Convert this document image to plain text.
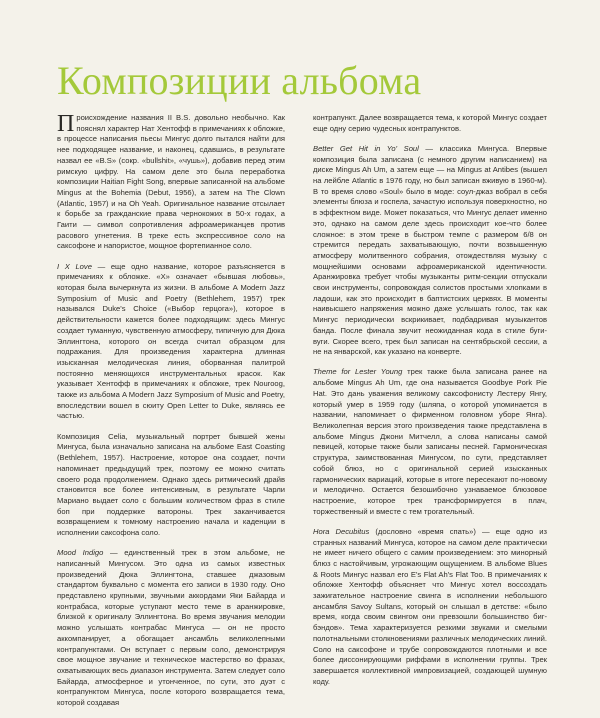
Композиции альбома

Происхождение названия II B.S. довольно необычно. Как пояснял характер Нат Хентофф в примечаниях к обложке, в процессе написания пьесы Мингус долго пытался найти для нее подходящее название, и наконец, сдавшись, в результате назвал ее «B.S» (сокр. «bullshit», «чушь»), добавив перед этим римскую цифру. На самом деле это была переработка композиции Haitian Fight Song, впервые записанной на альбоме Mingus at the Bohemia (Debut, 1956), а затем на The Clown (Atlantic, 1957) и на Oh Yeah. Оригинальное название отсылает к борьбе за гражданские права чернокожих в 50-х годах, а Гаити — символ сопротивления афроамериканцев против расового угнетения. В треке есть экспрессивное соло на саксофоне и напористое, мощное фортепианное соло.

I X Love — еще одно название, которое разъясняется в примечаниях к обложке. «X» означает «бывшая любовь», которая была вычеркнута из жизни. В альбоме A Modern Jazz Symposium of Music and Poetry (Bethlehem, 1957) трек назывался Duke's Choice («Выбор герцога»), которое в действительности кажется более подходящим: здесь Мингус создает туманную, чувственную атмосферу, типичную для Дюка Эллингтона, которого он всегда считал образцом для подражания. Для произведения характерна длинная изысканная мелодическая линия, оборванная палитрой постоянно меняющихся инструментальных красок. Как указывает Хентофф в примечаниях к обложке, трек Nouroog, также из альбома A Modern Jazz Symposium of Music and Poetry, впоследствии вошел в сюиту Open Letter to Duke, являясь ее частью.

Композиция Celia, музыкальный портрет бывшей жены Мингуса, была изначально записана на альбоме East Coasting (Bethlehem, 1957). Настроение, которое она создает, почти напоминает предыдущий трек, поэтому ее можно считать своего рода продолжением. Однако здесь ритмический драйв становится все более интенсивным, в результате Чарли Мариано выдает соло с большим количеством фраз в стиле боп при поддержке ватороны. Трек заканчивается возвращением к томному настроению начала и каденции в исполнении саксофона соло.

Mood Indigo — единственный трек в этом альбоме, не написанный Мингусом. Это одна из самых известных произведений Дюка Эллингтона, ставшее джазовым стандартом буквально с момента его записи в 1930 году. Оно представлено крупными, звучными аккордами Яки Байарда и контрабаса, которые уступают место теме в аранжировке, близкой к оригиналу Эллингтона. Во время звучания мелодии можно услышать контрабас Мингуса — он не просто аккомпанирует, а обогащает ансамбль великолепными контрапунктами. Он вступает с первым соло, демонстрируя свое мощное звучание и техническое мастерство во фразах, охватывающих весь диапазон инструмента. Затем следует соло Байарда, атмосферное и утонченное, по сути, это дуэт с контрапунктом Мингуса, после которого возвращается тема, которой создавая

контрапункт. Далее возвращается тема, к которой Мингус создает еще одну серию чудесных контрапунктов.

Better Get Hit in Yo' Soul — классика Мингуса. Впервые композиция была записана (с немного другим написанием) на диске Mingus Ah Um, а затем еще — на Mingus at Antibes (вышел на лейбле Atlantic в 1976 году, но был записан вживую в 1960-м). В то время слово «Soul» было в моде: соул-джаз вобрал в себя элементы блюза и госпела, зачастую используя поверхностно, но в эффектном виде. Может показаться, что Мингус делает именно это, однако на самом деле здесь происходит кое-что более сложное: в этом треке в быстром темпе с размером 6/8 он стремится передать захватывающую, почти возвышенную атмосферу молитвенного собрания, отождествляя музыку с мощнейшими основами афроамериканской идентичности. Аранжировка требует чтобы музыканты ритм-секции отпускали свои инструменты, сопровождая солистов простыми хлопками в ладоши, как это происходит в баптистских церквях. В моменты наивысшего напряжения можно даже услышать голос, так как Мингус периодически вскрикивает, подбадривая музыкантов банда. После финала звучит неожиданная кода в стиле буги-вуги. Скорее всего, трек был записан на сентябрьской сессии, а не на январской, как указано на конверте.

Theme for Lester Young трек также была записана ранее на альбоме Mingus Ah Um, где она называется Goodbye Pork Pie Hat. Это дань уважения великому саксофонисту Лестеру Янгу, который умер в 1959 году (шляпа, о которой упоминается в названии, напоминает о фирменном головном уборе Янга). Великолепная версия этого произведения также представлена в альбоме Mingus Джони Митчелл, а слова написаны самой певицей, которые также были записаны песней. Гармоническая структура, заимствованная Мингусом, по сути, представляет собой блюз, но с оригинальной серией изысканных гармонических вариаций, которые в итоге пересекают по-новому и мелодично. Остается безошибочно узнаваемое блюзовое настроение, которое трек трансформируется в плач, торжественный и вместе с тем трогательный.

Hora Decubitus (дословно «время спать») — еще одно из странных названий Мингуса, которое на самом деле практически не имеет ничего общего с самим произведением: это минорный блюз с настойчивым, угрожающим ощущением. В альбоме Blues & Roots Мингус назвал его E's Flat Ah's Flat Too. В примечаниях к обложке Хентофф объясняет что Мингус хотел воссоздать зажигательное настроение свинга в исполнении небольшого ансамбля Savoy Sultans, который он слышал в детстве: «было время, когда своим свингом они превзошли большинство биг-бэндов». Тема характеризуется резкими звуками и смелыми полотнальными столкновениями различных мелодических линий. Соло на саксофоне и трубе сопровождаются плотными и все более диссонирующими риффами в исполнении группы. Трек завершается коллективной импровизацией, создающей шумную коду.
